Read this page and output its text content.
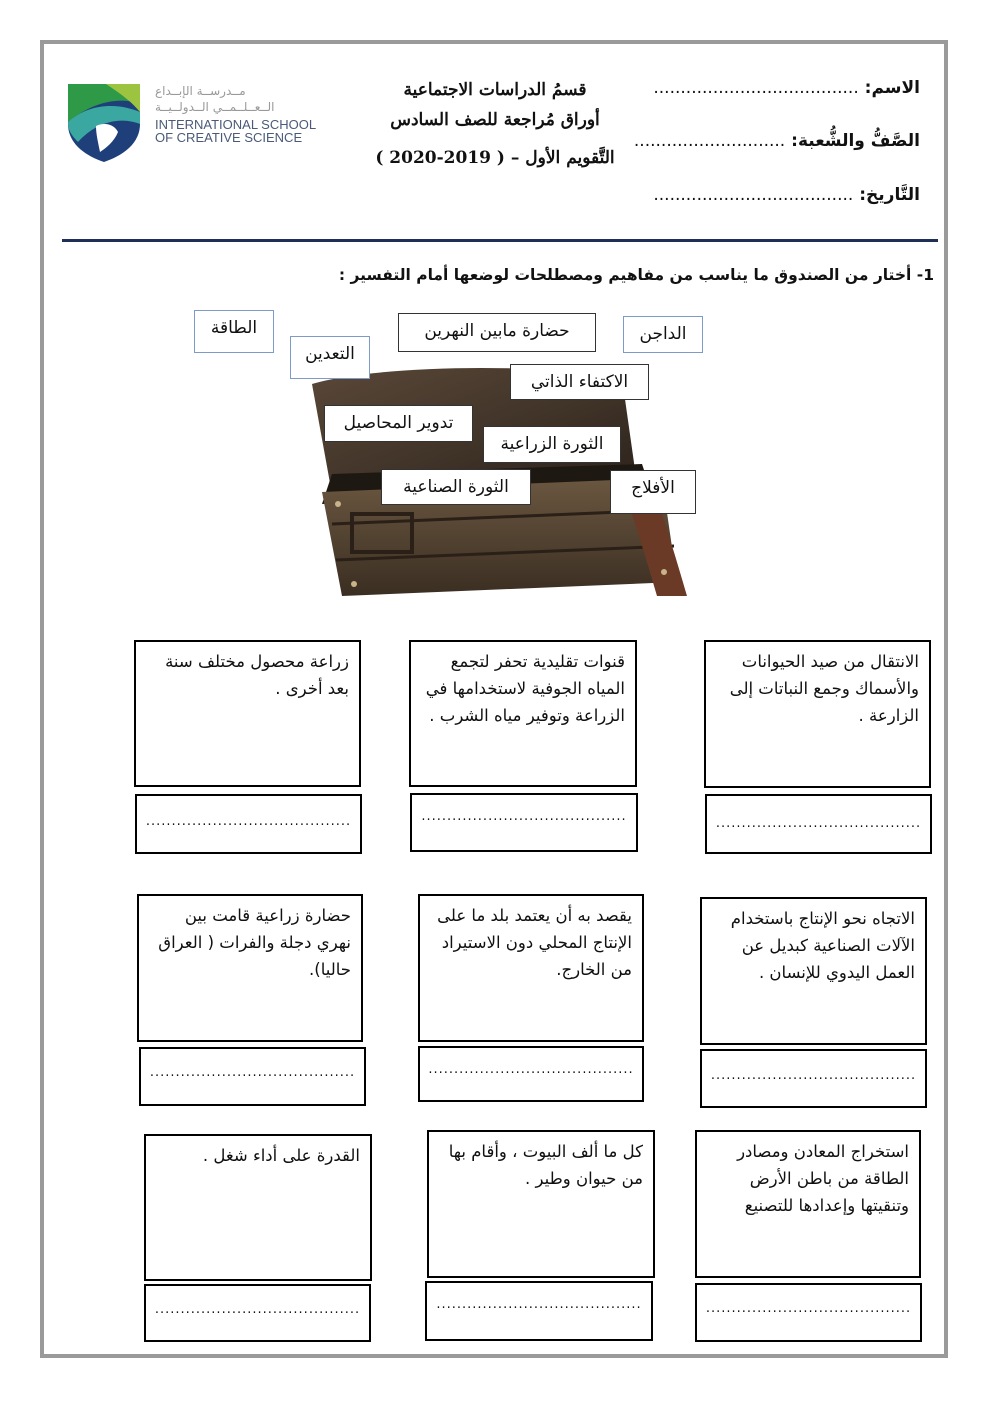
مــدرســة الإبــداع
الــعــلــمــي الــدولــيــة
INTERNATIONAL SCHOOL
OF CREATIVE SCIENCE
قسمُ الدراسات الاجتماعية
أوراق مُراجعة للصف السادس
التَّقويم الأول – ( 2019-2020 )
الاسم: ......................................
الصَّفُّ والشُّعبة: ............................
التَّاريخ: .....................................
1- أختار من الصندوق ما يناسب من مفاهيم ومصطلحات لوضعها أمام التفسير :
الطاقة
التعدين
حضارة مابين النهرين	الداجن
الاكتفاء الذاتي
تدوير المحاصيل
الثورة الزراعية
الثورة الصناعية	الأفلاج
الانتقال من صيد الحيوانات والأسماك وجمع النباتات إلى الزارعة .
........................................
قنوات تقليدية تحفر لتجمع المياه الجوفية لاستخدامها في الزراعة وتوفير مياه الشرب .
........................................
زراعة محصول مختلف سنة بعد أخرى .
........................................
الاتجاه نحو الإنتاج باستخدام الآلات الصناعية كبديل عن العمل اليدوي للإنسان .
........................................
يقصد به أن يعتمد بلد ما على الإنتاج المحلي دون الاستيراد من الخارج.
........................................
حضارة زراعية قامت بين نهري دجلة والفرات ( العراق حاليا).
........................................
استخراج المعادن ومصادر الطاقة من باطن الأرض وتنقيتها وإعدادها للتصنيع
........................................
كل ما ألف البيوت ، وأقام بها من حيوان وطير .
........................................
القدرة على أداء شغل .
........................................
